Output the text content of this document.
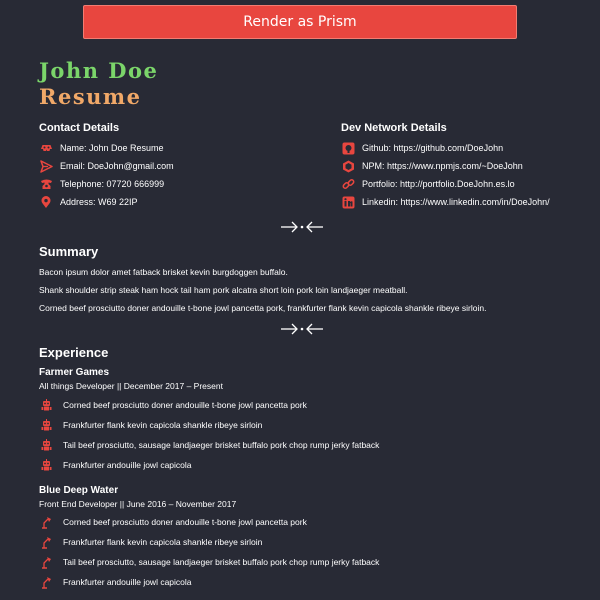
Render as Prism
John Doe
Resume
Contact Details
Name: John Doe Resume
Email: DoeJohn@gmail.com
Telephone: 07720 666999
Address: W69 22IP
Dev Network Details
Github: https://github.com/DoeJohn
NPM: https://www.npmjs.com/~DoeJohn
Portfolio: http://portfolio.DoeJohn.es.lo
Linkedin: https://www.linkedin.com/in/DoeJohn/
Summary

Bacon ipsum dolor amet fatback brisket kevin burgdoggen buffalo.

Shank shoulder strip steak ham hock tail ham pork alcatra short loin pork loin landjaeger meatball.

Corned beef prosciutto doner andouille t-bone jowl pancetta pork, frankfurter flank kevin capicola shankle ribeye sirloin.

Experience
Farmer Games

All things Developer || December 2017 – Present

Corned beef prosciutto doner andouille t-bone jowl pancetta pork
Frankfurter flank kevin capicola shankle ribeye sirloin
Tail beef prosciutto, sausage landjaeger brisket buffalo pork chop rump jerky fatback
Frankfurter andouille jowl capicola
Blue Deep Water

Front End Developer || June 2016 – November 2017

Corned beef prosciutto doner andouille t-bone jowl pancetta pork
Frankfurter flank kevin capicola shankle ribeye sirloin
Tail beef prosciutto, sausage landjaeger brisket buffalo pork chop rump jerky fatback
Frankfurter andouille jowl capicola
